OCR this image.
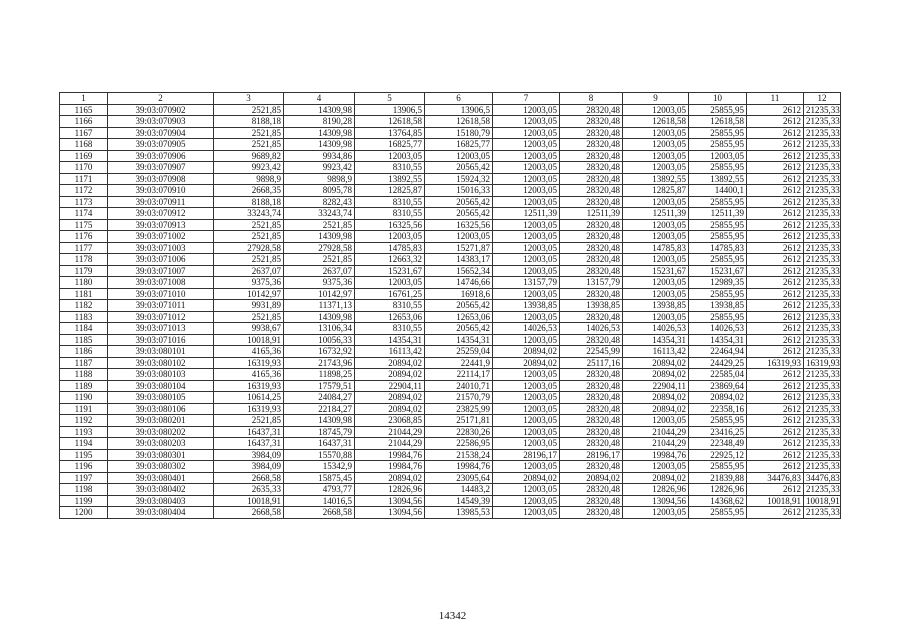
1	2	3	4	5	6	7	8	9	10	11	12
1165	39:03:070902	2521,85	14309,98	13906,5	13906,5	12003,05	28320,48	12003,05	25855,95	2612	21235,33
1166	39:03:070903	8188,18	8190,28	12618,58	12618,58	12003,05	28320,48	12618,58	12618,58	2612	21235,33
1167	39:03:070904	2521,85	14309,98	13764,85	15180,79	12003,05	28320,48	12003,05	25855,95	2612	21235,33
1168	39:03:070905	2521,85	14309,98	16825,77	16825,77	12003,05	28320,48	12003,05	25855,95	2612	21235,33
1169	39:03:070906	9689,82	9934,86	12003,05	12003,05	12003,05	28320,48	12003,05	12003,05	2612	21235,33
1170	39:03:070907	9923,42	9923,42	8310,55	20565,42	12003,05	28320,48	12003,05	25855,95	2612	21235,33
1171	39:03:070908	9898,9	9898,9	13892,55	15924,32	12003,05	28320,48	13892,55	13892,55	2612	21235,33
1172	39:03:070910	2668,35	8095,78	12825,87	15016,33	12003,05	28320,48	12825,87	14400,1	2612	21235,33
1173	39:03:070911	8188,18	8282,43	8310,55	20565,42	12003,05	28320,48	12003,05	25855,95	2612	21235,33
1174	39:03:070912	33243,74	33243,74	8310,55	20565,42	12511,39	12511,39	12511,39	12511,39	2612	21235,33
1175	39:03:070913	2521,85	2521,85	16325,56	16325,56	12003,05	28320,48	12003,05	25855,95	2612	21235,33
1176	39:03:071002	2521,85	14309,98	12003,05	12003,05	12003,05	28320,48	12003,05	25855,95	2612	21235,33
1177	39:03:071003	27928,58	27928,58	14785,83	15271,87	12003,05	28320,48	14785,83	14785,83	2612	21235,33
1178	39:03:071006	2521,85	2521,85	12663,32	14383,17	12003,05	28320,48	12003,05	25855,95	2612	21235,33
1179	39:03:071007	2637,07	2637,07	15231,67	15652,34	12003,05	28320,48	15231,67	15231,67	2612	21235,33
1180	39:03:071008	9375,36	9375,36	12003,05	14746,66	13157,79	13157,79	12003,05	12989,35	2612	21235,33
1181	39:03:071010	10142,97	10142,97	16761,25	16918,6	12003,05	28320,48	12003,05	25855,95	2612	21235,33
1182	39:03:071011	9931,89	11371,13	8310,55	20565,42	13938,85	13938,85	13938,85	13938,85	2612	21235,33
1183	39:03:071012	2521,85	14309,98	12653,06	12653,06	12003,05	28320,48	12003,05	25855,95	2612	21235,33
1184	39:03:071013	9938,67	13106,34	8310,55	20565,42	14026,53	14026,53	14026,53	14026,53	2612	21235,33
1185	39:03:071016	10018,91	10056,33	14354,31	14354,31	12003,05	28320,48	14354,31	14354,31	2612	21235,33
1186	39:03:080101	4165,36	16732,92	16113,42	25259,04	20894,02	22545,99	16113,42	22464,94	2612	21235,33
1187	39:03:080102	16319,93	21743,96	20894,02	22441,9	20894,02	25117,16	20894,02	24429,25	16319,93	16319,93
1188	39:03:080103	4165,36	11898,25	20894,02	22114,17	12003,05	28320,48	20894,02	22585,04	2612	21235,33
1189	39:03:080104	16319,93	17579,51	22904,11	24010,71	12003,05	28320,48	22904,11	23869,64	2612	21235,33
1190	39:03:080105	10614,25	24084,27	20894,02	21570,79	12003,05	28320,48	20894,02	20894,02	2612	21235,33
1191	39:03:080106	16319,93	22184,27	20894,02	23825,99	12003,05	28320,48	20894,02	22358,16	2612	21235,33
1192	39:03:080201	2521,85	14309,98	23068,85	25171,81	12003,05	28320,48	12003,05	25855,95	2612	21235,33
1193	39:03:080202	16437,31	18745,79	21044,29	22830,26	12003,05	28320,48	21044,29	23416,25	2612	21235,33
1194	39:03:080203	16437,31	16437,31	21044,29	22586,95	12003,05	28320,48	21044,29	22348,49	2612	21235,33
1195	39:03:080301	3984,09	15570,88	19984,76	21538,24	28196,17	28196,17	19984,76	22925,12	2612	21235,33
1196	39:03:080302	3984,09	15342,9	19984,76	19984,76	12003,05	28320,48	12003,05	25855,95	2612	21235,33
1197	39:03:080401	2668,58	15875,45	20894,02	23095,64	20894,02	20894,02	20894,02	21839,88	34476,83	34476,83
1198	39:03:080402	2635,33	4793,77	12826,96	14483,2	12003,05	28320,48	12826,96	12826,96	2612	21235,33
1199	39:03:080403	10018,91	14016,5	13094,56	14549,39	12003,05	28320,48	13094,56	14368,62	10018,91	10018,91
1200	39:03:080404	2668,58	2668,58	13094,56	13985,53	12003,05	28320,48	12003,05	25855,95	2612	21235,33
14342
